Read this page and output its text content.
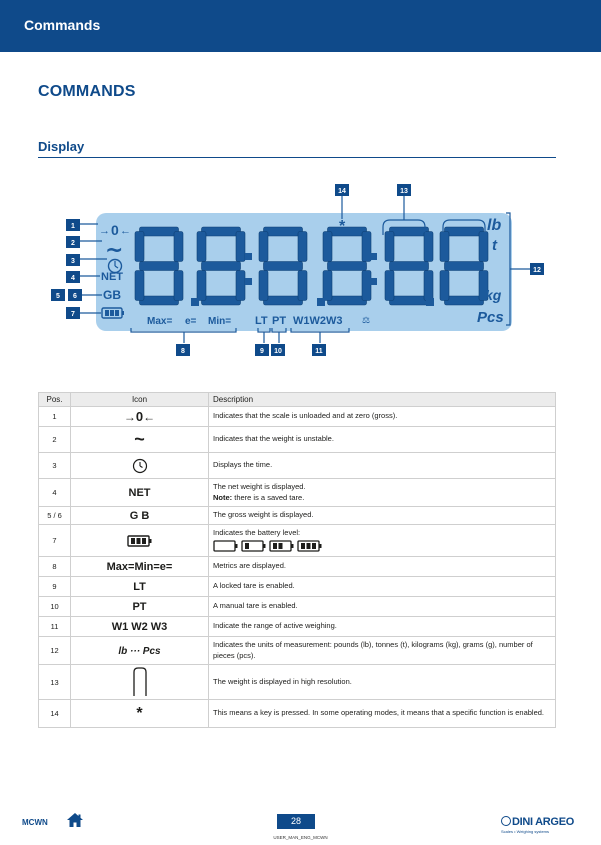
Commands
COMMANDS
Display
→ 0 ←
~
NET
GB
Max= e= Min= LT PT W1W2W3 ⚖
lb
t
kg
Pcs
*
1
2
3
4
5 6
7
8	9 10	11
12
13
14
Pos.	Icon	Description
1	→0←	Indicates that the scale is unloaded and at zero (gross).
2	~	Indicates that the weight is unstable.
3		Displays the time.
4	NET	The net weight is displayed.
Note: there is a saved tare.
5 / 6	G B	The gross weight is displayed.
7		Indicates the battery level:

8	Max=Min=e=	Metrics are displayed.
9	LT	A locked tare is enabled.
10	PT	A manual tare is enabled.
11	W1 W2 W3	Indicate the range of active weighing.
12	lb ··· Pcs	Indicates the units of measurement: pounds (lb), tonnes (t), kilograms (kg), grams (g), number of pieces (pcs).
13		The weight is displayed in high resolution.
14	*	This means a key is pressed. In some operating modes, it means that a specific function is enabled.
MCWN	28
USER_MAN_ENG_MCWN
DINI ARGEO
Scales • Weighing systems
